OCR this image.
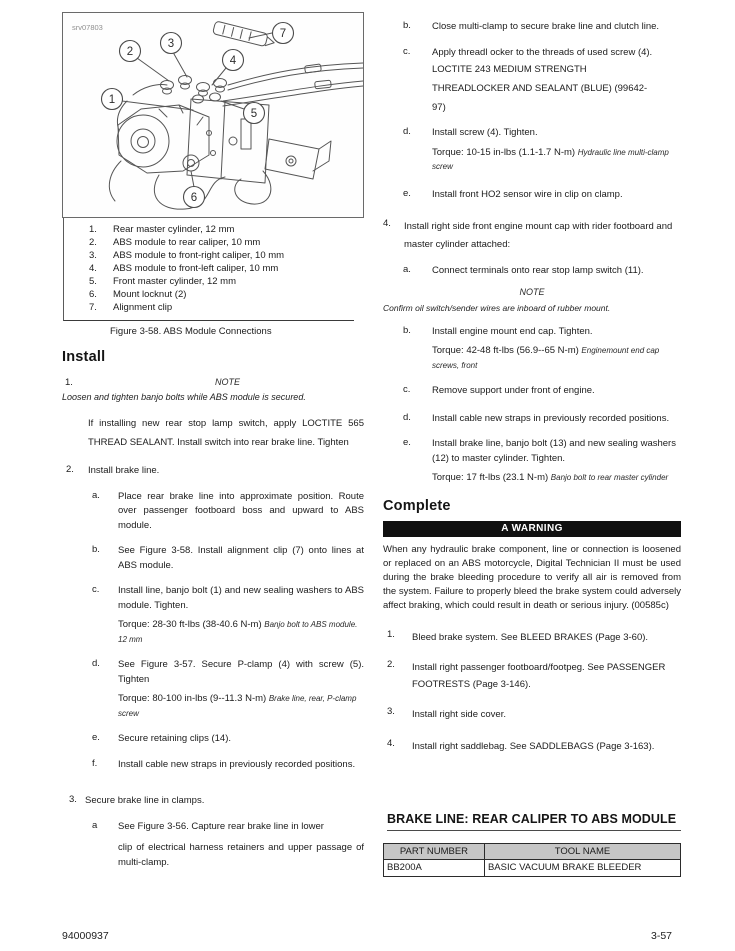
srv07803
1
2
3
4
5
6
7
1.	Rear master cylinder, 12 mm
2.	ABS module to rear caliper, 10 mm
3.	ABS module to front-right caliper, 10 mm
4.	ABS module to front-left caliper, 10 mm
5.	Front master cylinder, 12 mm
6.	Mount locknut (2)
7.	Alignment clip
Figure 3-58. ABS Module Connections
Install
1.	NOTE
Loosen and tighten banjo bolts while ABS module is secured.

If installing new rear stop lamp switch, apply LOCTITE 565 THREAD SEALANT. Install switch into rear brake line. Tighten

2.	Install brake line.
a.	Place rear brake line into approximate position. Route over passenger footboard boss and upward to ABS module.

b.	See Figure 3-58. Install alignment clip (7) onto lines at ABS module.

c.	Install line, banjo bolt (1) and new sealing washers to ABS module. Tighten.

Torque: 28-30 ft-lbs (38-40.6 N-m) Banjo bolt to ABS module. 12 mm

d.	See Figure 3-57. Secure P-clamp (4) with screw (5). Tighten

Torque: 80-100 in-lbs (9--11.3 N-m) Brake line, rear, P-clamp screw

e.	Secure retaining clips (14).

f.	Install cable new straps in previously recorded positions.

3. Secure brake line in clamps.
a	See Figure 3-56. Capture rear brake line in lower

clip of electrical harness retainers and upper passage of multi-clamp.

b.	Close multi-clamp to secure brake line and clutch line.

c.	Apply threadl ocker to the threads of used screw (4).

LOCTITE 243 MEDIUM STRENGTH
THREADLOCKER AND SEALANT (BLUE) (99642-
97)
d.	Install screw (4). Tighten.

Torque: 10-15 in-lbs (1.1-1.7 N-m) Hydraulic line multi-clamp screw

e.	Install front HO2 sensor wire in clip on clamp.

4.	Install right side front engine mount cap with rider footboard and master cylinder attached:
a.	Connect terminals onto rear stop lamp switch (11).

NOTE
Confirm oil switch/sender wires are inboard of rubber mount.
b.	Install engine mount end cap. Tighten.

Torque: 42-48 ft-lbs (56.9--65 N-m) Enginemount end cap screws, front

c.	Remove support under front of engine.

d.	Install cable new straps in previously recorded positions.

e.	Install brake line, banjo bolt (13) and new sealing washers (12) to master cylinder. Tighten.

Torque: 17 ft-lbs (23.1 N-m) Banjo bolt to rear master cylinder

Complete
A WARNING
When any hydraulic brake component, line or connection is loosened or replaced on an ABS motorcycle, Digital Technician II must be used during the brake bleeding procedure to verify all air is removed from the system. Failure to properly bleed the brake system could adversely affect braking, which could result in death or serious injury. (00585c)
1.	Bleed brake system. See BLEED BRAKES (Page 3-60).
2.	Install right passenger footboard/footpeg. See PASSENGER FOOTRESTS (Page 3-146).
3.	Install right side cover.
4.	Install right saddlebag. See SADDLEBAGS (Page 3-163).
BRAKE LINE: REAR CALIPER TO ABS MODULE
PART NUMBER	TOOL NAME
BB200A	BASIC VACUUM BRAKE BLEEDER
94000937	3-57
